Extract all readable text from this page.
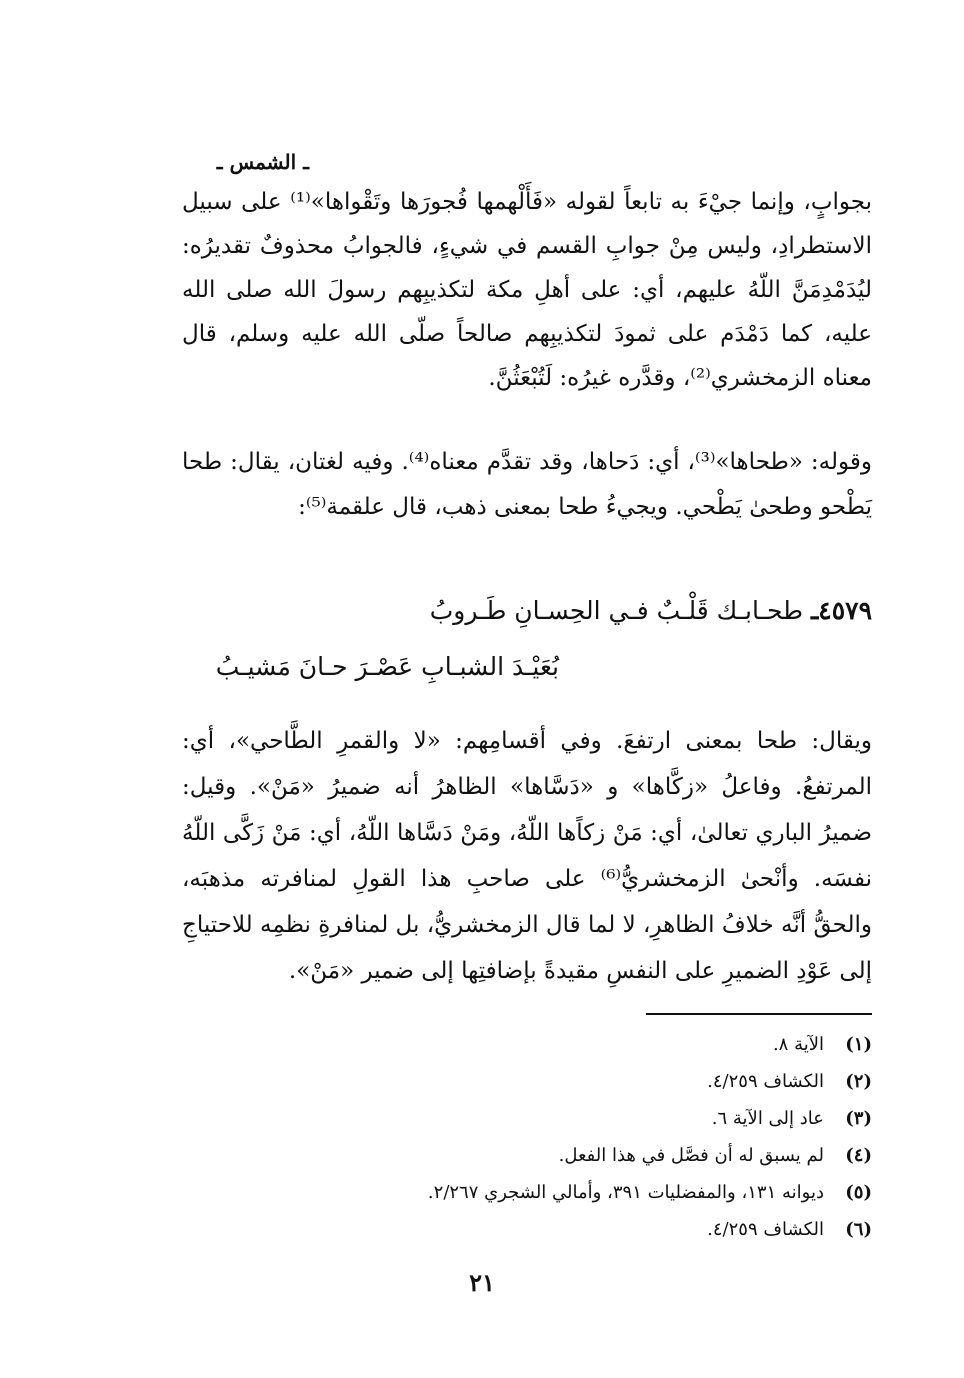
ـ الشمس ـ
بجوابٍ، وإنما جيْءَ به تابعاً لقوله «فَأَلْهمها فُجورَها وتَقْواها»⁽¹⁾ على سبيل الاستطرادِ، وليس مِنْ جوابِ القسم في شيءٍ، فالجوابُ محذوفٌ تقديرُه: ليُدَمْدِمَنَّ اللّهُ عليهم، أي: على أهلِ مكة لتكذيبِهم رسولَ الله صلى الله عليه، كما دَمْدَم على ثمودَ لتكذيبِهم صالحاً صلّى الله عليه وسلم، قال معناه الزمخشري⁽²⁾، وقدَّره غيرُه: لَتُبْعَثُنَّ.
وقوله: «طحاها»⁽³⁾، أي: دَحاها، وقد تقدَّم معناه⁽⁴⁾. وفيه لغتان، يقال: طحا يَطْحو وطحىٰ يَطْحي. ويجيءُ طحا بمعنى ذهب، قال علقمة⁽⁵⁾:
٤٥٧٩ـ طحـابـك قَلْـبٌ فـي الحِسـانِ طَـروبُ
بُعَيْـدَ الشبـابِ عَصْـرَ حـانَ مَشيـبُ
ويقال: طحا بمعنى ارتفعَ. وفي أقسامِهم: «لا والقمرِ الطَّاحي»، أي: المرتفعُ. وفاعلُ «زكَّاها» و «دَسَّاها» الظاهرُ أنه ضميرُ «مَنْ». وقيل: ضميرُ الباري تعالىٰ، أي: مَنْ زكاًها اللّهُ، ومَنْ دَسَّاها اللّهُ، أي: مَنْ زَكَّى اللّهُ نفسَه. وأنْحىٰ الزمخشريُّ⁽⁶⁾ على صاحبِ هذا القولِ لمنافرته مذهبَه، والحقُّ أنَّه خلافُ الظاهرِ، لا لما قال الزمخشريُّ، بل لمنافرةِ نظمِه للاحتياجِ إلى عَوْدِ الضميرِ على النفسِ مقيدةً بإضافتِها إلى ضمير «مَنْ».
(١)الآية ٨.
(٢)الكشاف ٤/٢٥٩.
(٣)عاد إلى الآية ٦.
(٤)لم يسبق له أن فصَّل في هذا الفعل.
(٥)ديوانه ١٣١، والمفضليات ٣٩١، وأمالي الشجري ٢/٢٦٧.
(٦)الكشاف ٤/٢٥٩.
٢١
